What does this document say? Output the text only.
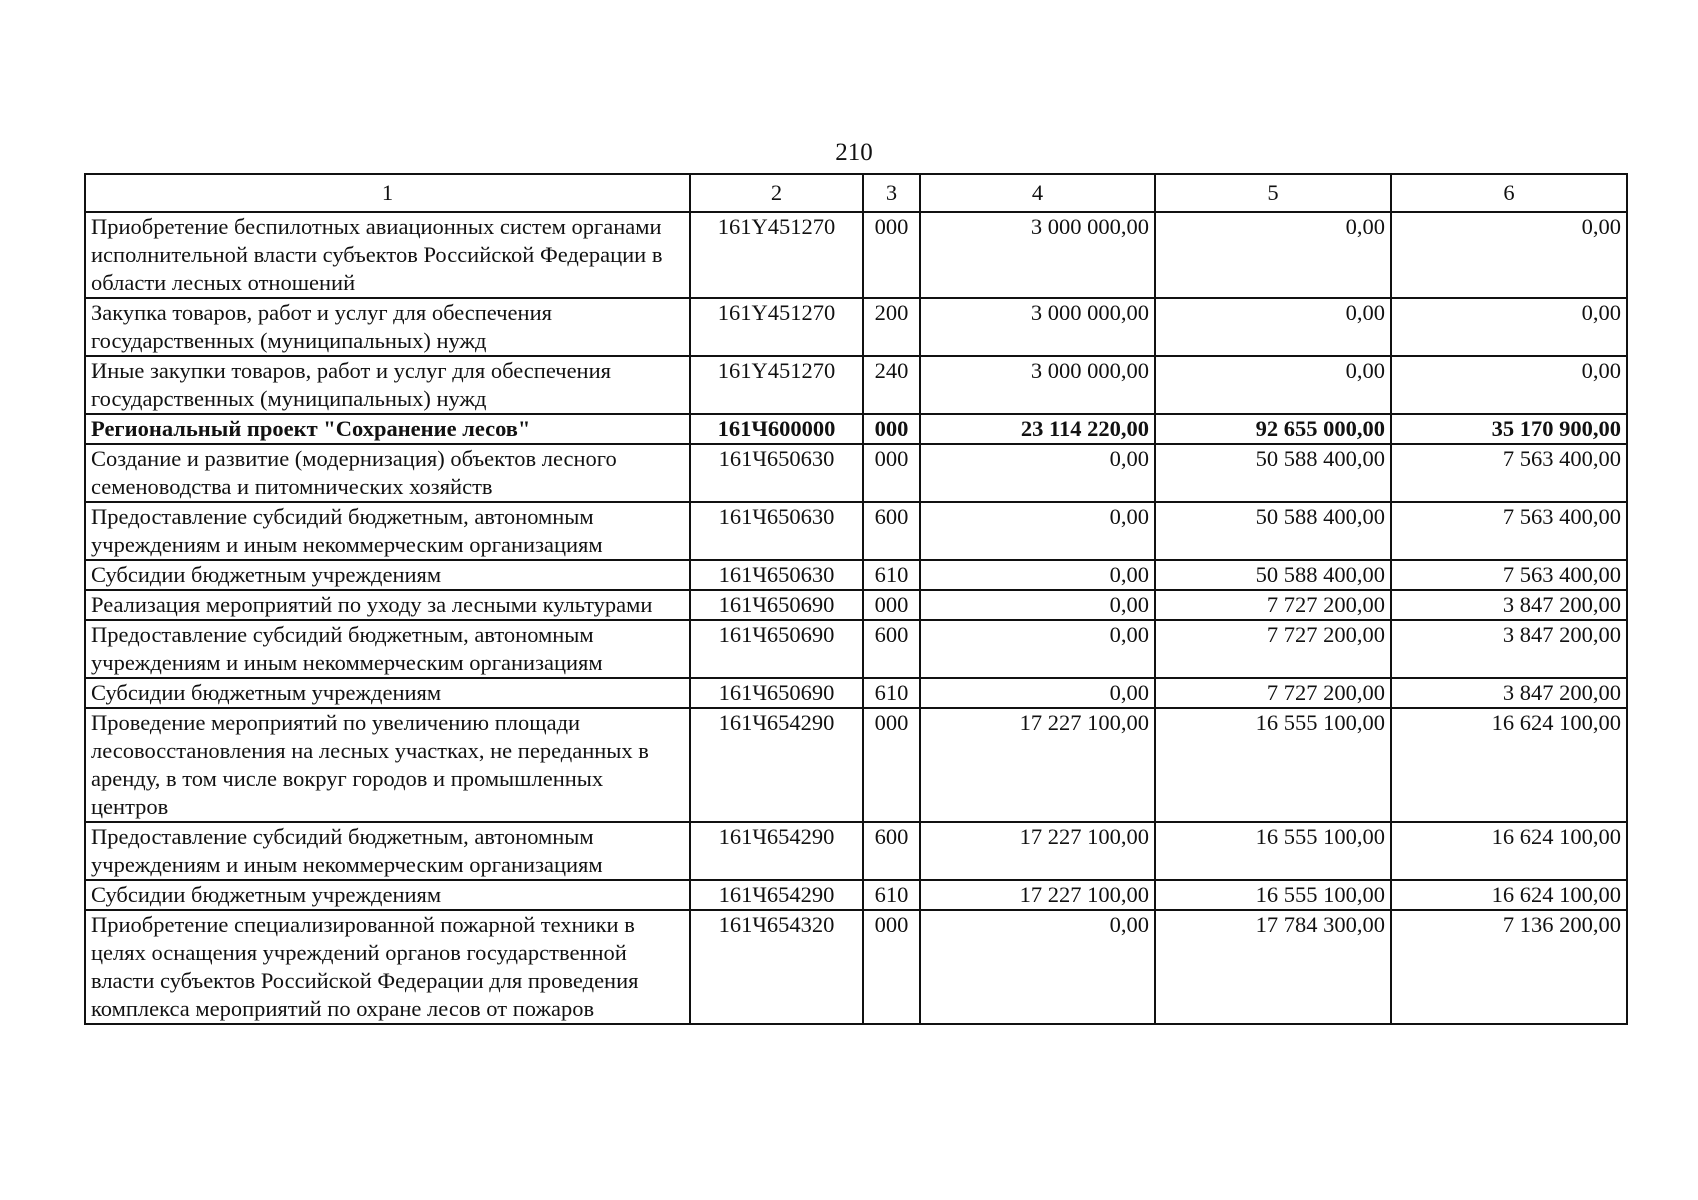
210
1	2	3	4	5	6
Приобретение беспилотных авиационных систем органами исполнительной власти субъектов Российской Федерации в области лесных отношений	161Y451270	000	3 000 000,00	0,00	0,00
Закупка товаров, работ и услуг для обеспечения государственных (муниципальных) нужд	161Y451270	200	3 000 000,00	0,00	0,00
Иные закупки товаров, работ и услуг для обеспечения государственных (муниципальных) нужд	161Y451270	240	3 000 000,00	0,00	0,00
Региональный проект "Сохранение лесов"	161Ч600000	000	23 114 220,00	92 655 000,00	35 170 900,00
Создание и развитие (модернизация) объектов лесного семеноводства и питомнических хозяйств	161Ч650630	000	0,00	50 588 400,00	7 563 400,00
Предоставление субсидий бюджетным, автономным учреждениям и иным некоммерческим организациям	161Ч650630	600	0,00	50 588 400,00	7 563 400,00
Субсидии бюджетным учреждениям	161Ч650630	610	0,00	50 588 400,00	7 563 400,00
Реализация мероприятий по уходу за лесными культурами	161Ч650690	000	0,00	7 727 200,00	3 847 200,00
Предоставление субсидий бюджетным, автономным учреждениям и иным некоммерческим организациям	161Ч650690	600	0,00	7 727 200,00	3 847 200,00
Субсидии бюджетным учреждениям	161Ч650690	610	0,00	7 727 200,00	3 847 200,00
Проведение мероприятий по увеличению площади лесовосстановления на лесных участках, не переданных в аренду, в том числе вокруг городов и промышленных центров	161Ч654290	000	17 227 100,00	16 555 100,00	16 624 100,00
Предоставление субсидий бюджетным, автономным учреждениям и иным некоммерческим организациям	161Ч654290	600	17 227 100,00	16 555 100,00	16 624 100,00
Субсидии бюджетным учреждениям	161Ч654290	610	17 227 100,00	16 555 100,00	16 624 100,00
Приобретение специализированной пожарной техники в целях оснащения учреждений органов государственной власти субъектов Российской Федерации для проведения комплекса мероприятий по охране лесов от пожаров	161Ч654320	000	0,00	17 784 300,00	7 136 200,00
